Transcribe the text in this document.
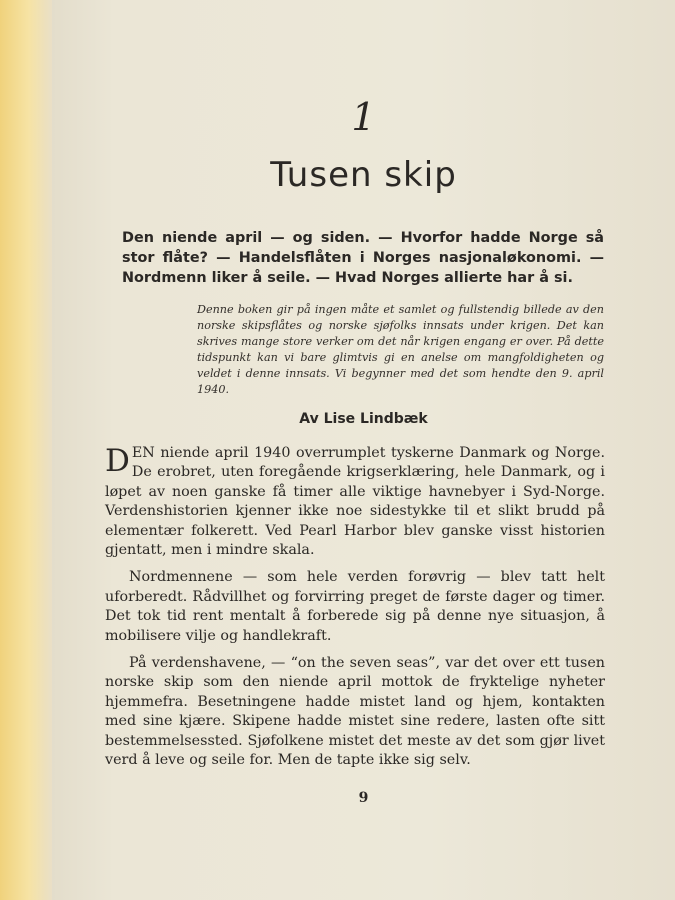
1
Tusen skip
Den niende april — og siden. — Hvorfor hadde Norge så stor flåte? — Handelsflåten i Norges nasjonaløkonomi. — Nordmenn liker å seile. — Hvad Norges allierte har å si.
Denne boken gir på ingen måte et samlet og fullstendig billede av den norske skipsflåtes og norske sjøfolks innsats under krigen. Det kan skrives mange store verker om det når krigen engang er over. På dette tidspunkt kan vi bare glimtvis gi en anelse om mangfoldigheten og veldet i denne innsats. Vi begynner med det som hendte den 9. april 1940.
Av Lise Lindbæk

DEN niende april 1940 overrumplet tyskerne Danmark og Norge. De erobret, uten foregående krigserklæring, hele Danmark, og i løpet av noen ganske få timer alle viktige havnebyer i Syd-Norge. Verdenshistorien kjenner ikke noe sidestykke til et slikt brudd på elementær folkerett. Ved Pearl Harbor blev ganske visst historien gjentatt, men i mindre skala.

Nordmennene — som hele verden forøvrig — blev tatt helt uforberedt. Rådvillhet og forvirring preget de første dager og timer. Det tok tid rent mentalt å forberede sig på denne nye situasjon, å mobilisere vilje og handlekraft.

På verdenshavene, — “on the seven seas”, var det over ett tusen norske skip som den niende april mottok de fryktelige nyheter hjemmefra. Besetningene hadde mistet land og hjem, kontakten med sine kjære. Skipene hadde mistet sine redere, lasten ofte sitt bestemmelsessted. Sjøfolkene mistet det meste av det som gjør livet verd å leve og seile for. Men de tapte ikke sig selv.

9
